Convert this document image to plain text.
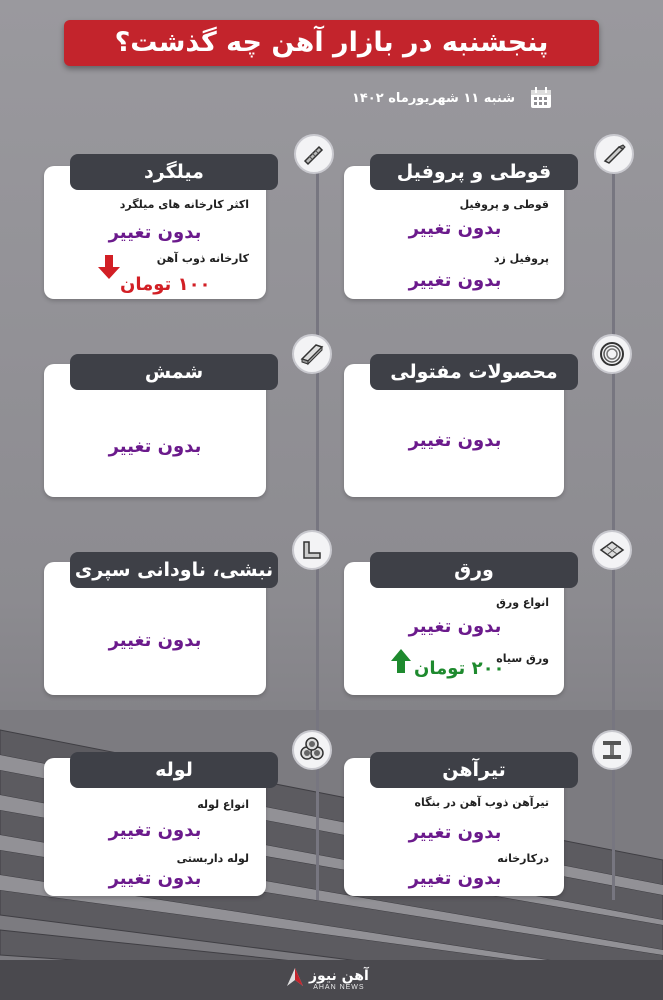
پنجشنبه در بازار آهن چه گذشت؟
شنبه ۱۱ شهریورماه ۱۴۰۲
قوطی و پروفیل
قوطی و پروفیل
بدون تغییر
پروفیل زد
بدون تغییر
محصولات مفتولی
بدون تغییر
ورق
انواع ورق
بدون تغییر
ورق سیاه
۲۰۰ تومان
تیرآهن
تیرآهن ذوب آهن در بنگاه
بدون تغییر
درکارخانه
بدون تغییر
میلگرد
اکثر کارخانه های میلگرد
بدون تغییر
کارخانه ذوب آهن
۱۰۰ تومان
شمش
بدون تغییر
نبشی، ناودانی سپری
بدون تغییر
لوله
انواع لوله
بدون تغییر
لوله داربستی
بدون تغییر
آهن نیوز
AHAN NEWS
